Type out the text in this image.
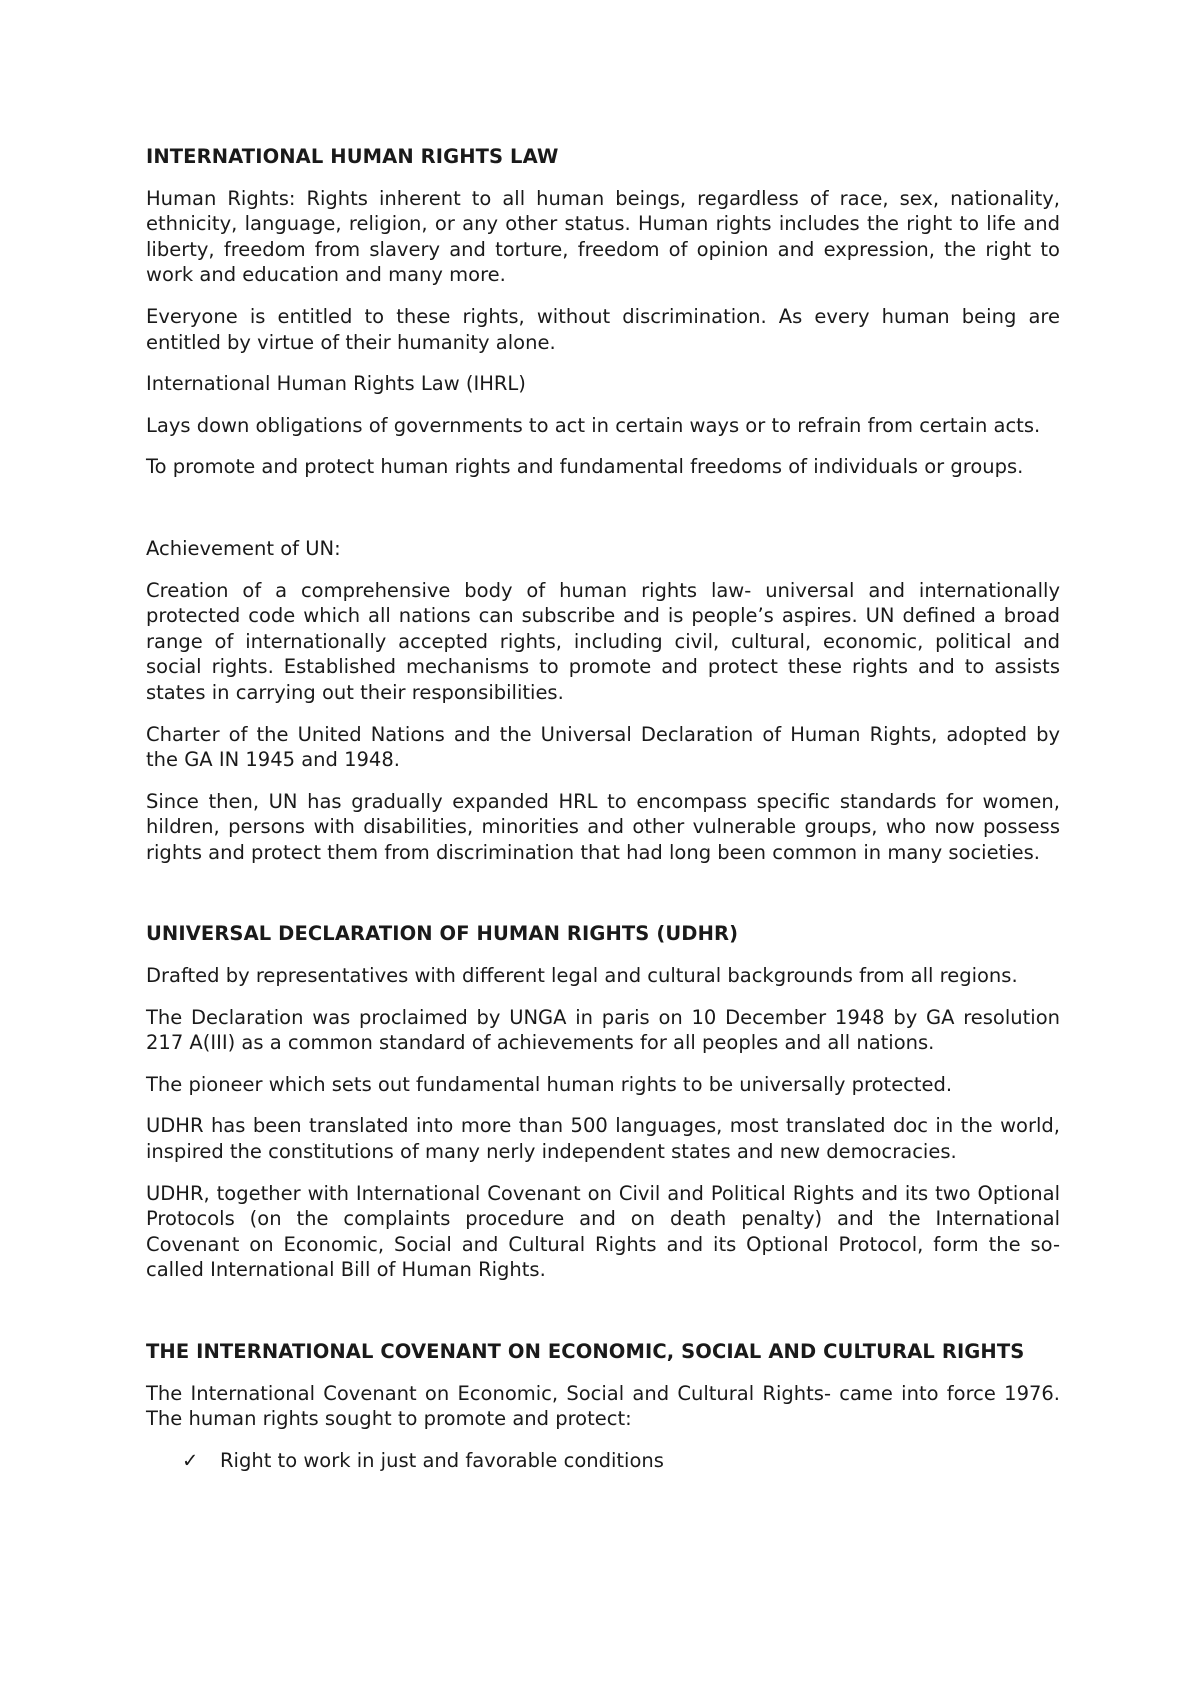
INTERNATIONAL HUMAN RIGHTS LAW

Human Rights: Rights inherent to all human beings, regardless of race, sex, nationality, ethnicity, language, religion, or any other status. Human rights includes the right to life and liberty, freedom from slavery and torture, freedom of opinion and expression, the right to work and education and many more.

Everyone is entitled to these rights, without discrimination. As every human being are entitled by virtue of their humanity alone.

International Human Rights Law (IHRL)

Lays down obligations of governments to act in certain ways or to refrain from certain acts.

To promote and protect human rights and fundamental freedoms of individuals or groups.

Achievement of UN:

Creation of a comprehensive body of human rights law- universal and internationally protected code which all nations can subscribe and is people’s aspires. UN defined a broad range of internationally accepted rights, including civil, cultural, economic, political and social rights. Established mechanisms to promote and protect these rights and to assists states in carrying out their responsibilities.

Charter of the United Nations and the Universal Declaration of Human Rights, adopted by the GA IN 1945 and 1948.

Since then, UN has gradually expanded HRL to encompass specific standards for women, hildren, persons with disabilities, minorities and other vulnerable groups, who now possess rights and protect them from discrimination that had long been common in many societies.

UNIVERSAL DECLARATION OF HUMAN RIGHTS (UDHR)

Drafted by representatives with different legal and cultural backgrounds from all regions.

The Declaration was proclaimed by UNGA in paris on 10 December 1948 by GA resolution 217 A(III) as a common standard of achievements for all peoples and all nations.

The pioneer which sets out fundamental human rights to be universally protected.

UDHR has been translated into more than 500 languages, most translated doc in the world, inspired the constitutions of many nerly independent states and new democracies.

UDHR, together with International Covenant on Civil and Political Rights and its two Optional Protocols (on the complaints procedure and on death penalty) and the International Covenant on Economic, Social and Cultural Rights and its Optional Protocol, form the so-called International Bill of Human Rights.

THE INTERNATIONAL COVENANT ON ECONOMIC, SOCIAL AND CULTURAL RIGHTS

The International Covenant on Economic, Social and Cultural Rights- came into force 1976. The human rights sought to promote and protect:

✓	Right to work in just and favorable conditions
